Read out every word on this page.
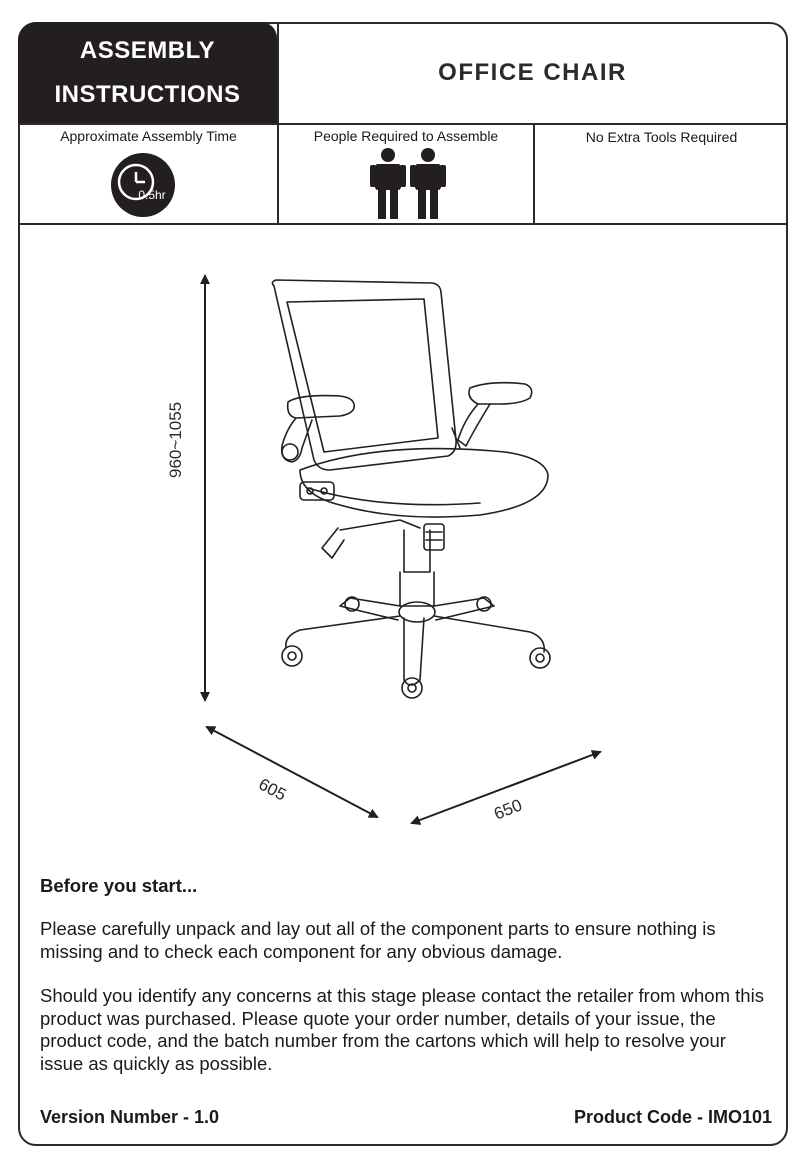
ASSEMBLY
INSTRUCTIONS
OFFICE CHAIR
Approximate Assembly Time	People Required to Assemble	No Extra Tools Required
0.5hr
960~1055
605
650
Before you start...
Please carefully unpack and lay out all of the component parts to ensure nothing is missing and to check each component for any obvious damage.
Should you identify any concerns at this stage please contact the retailer from whom this product was purchased. Please quote your order number, details of your issue, the product code, and the batch number from the cartons which will help to resolve your issue as quickly as possible.
Version Number - 1.0	Product Code - IMO101
